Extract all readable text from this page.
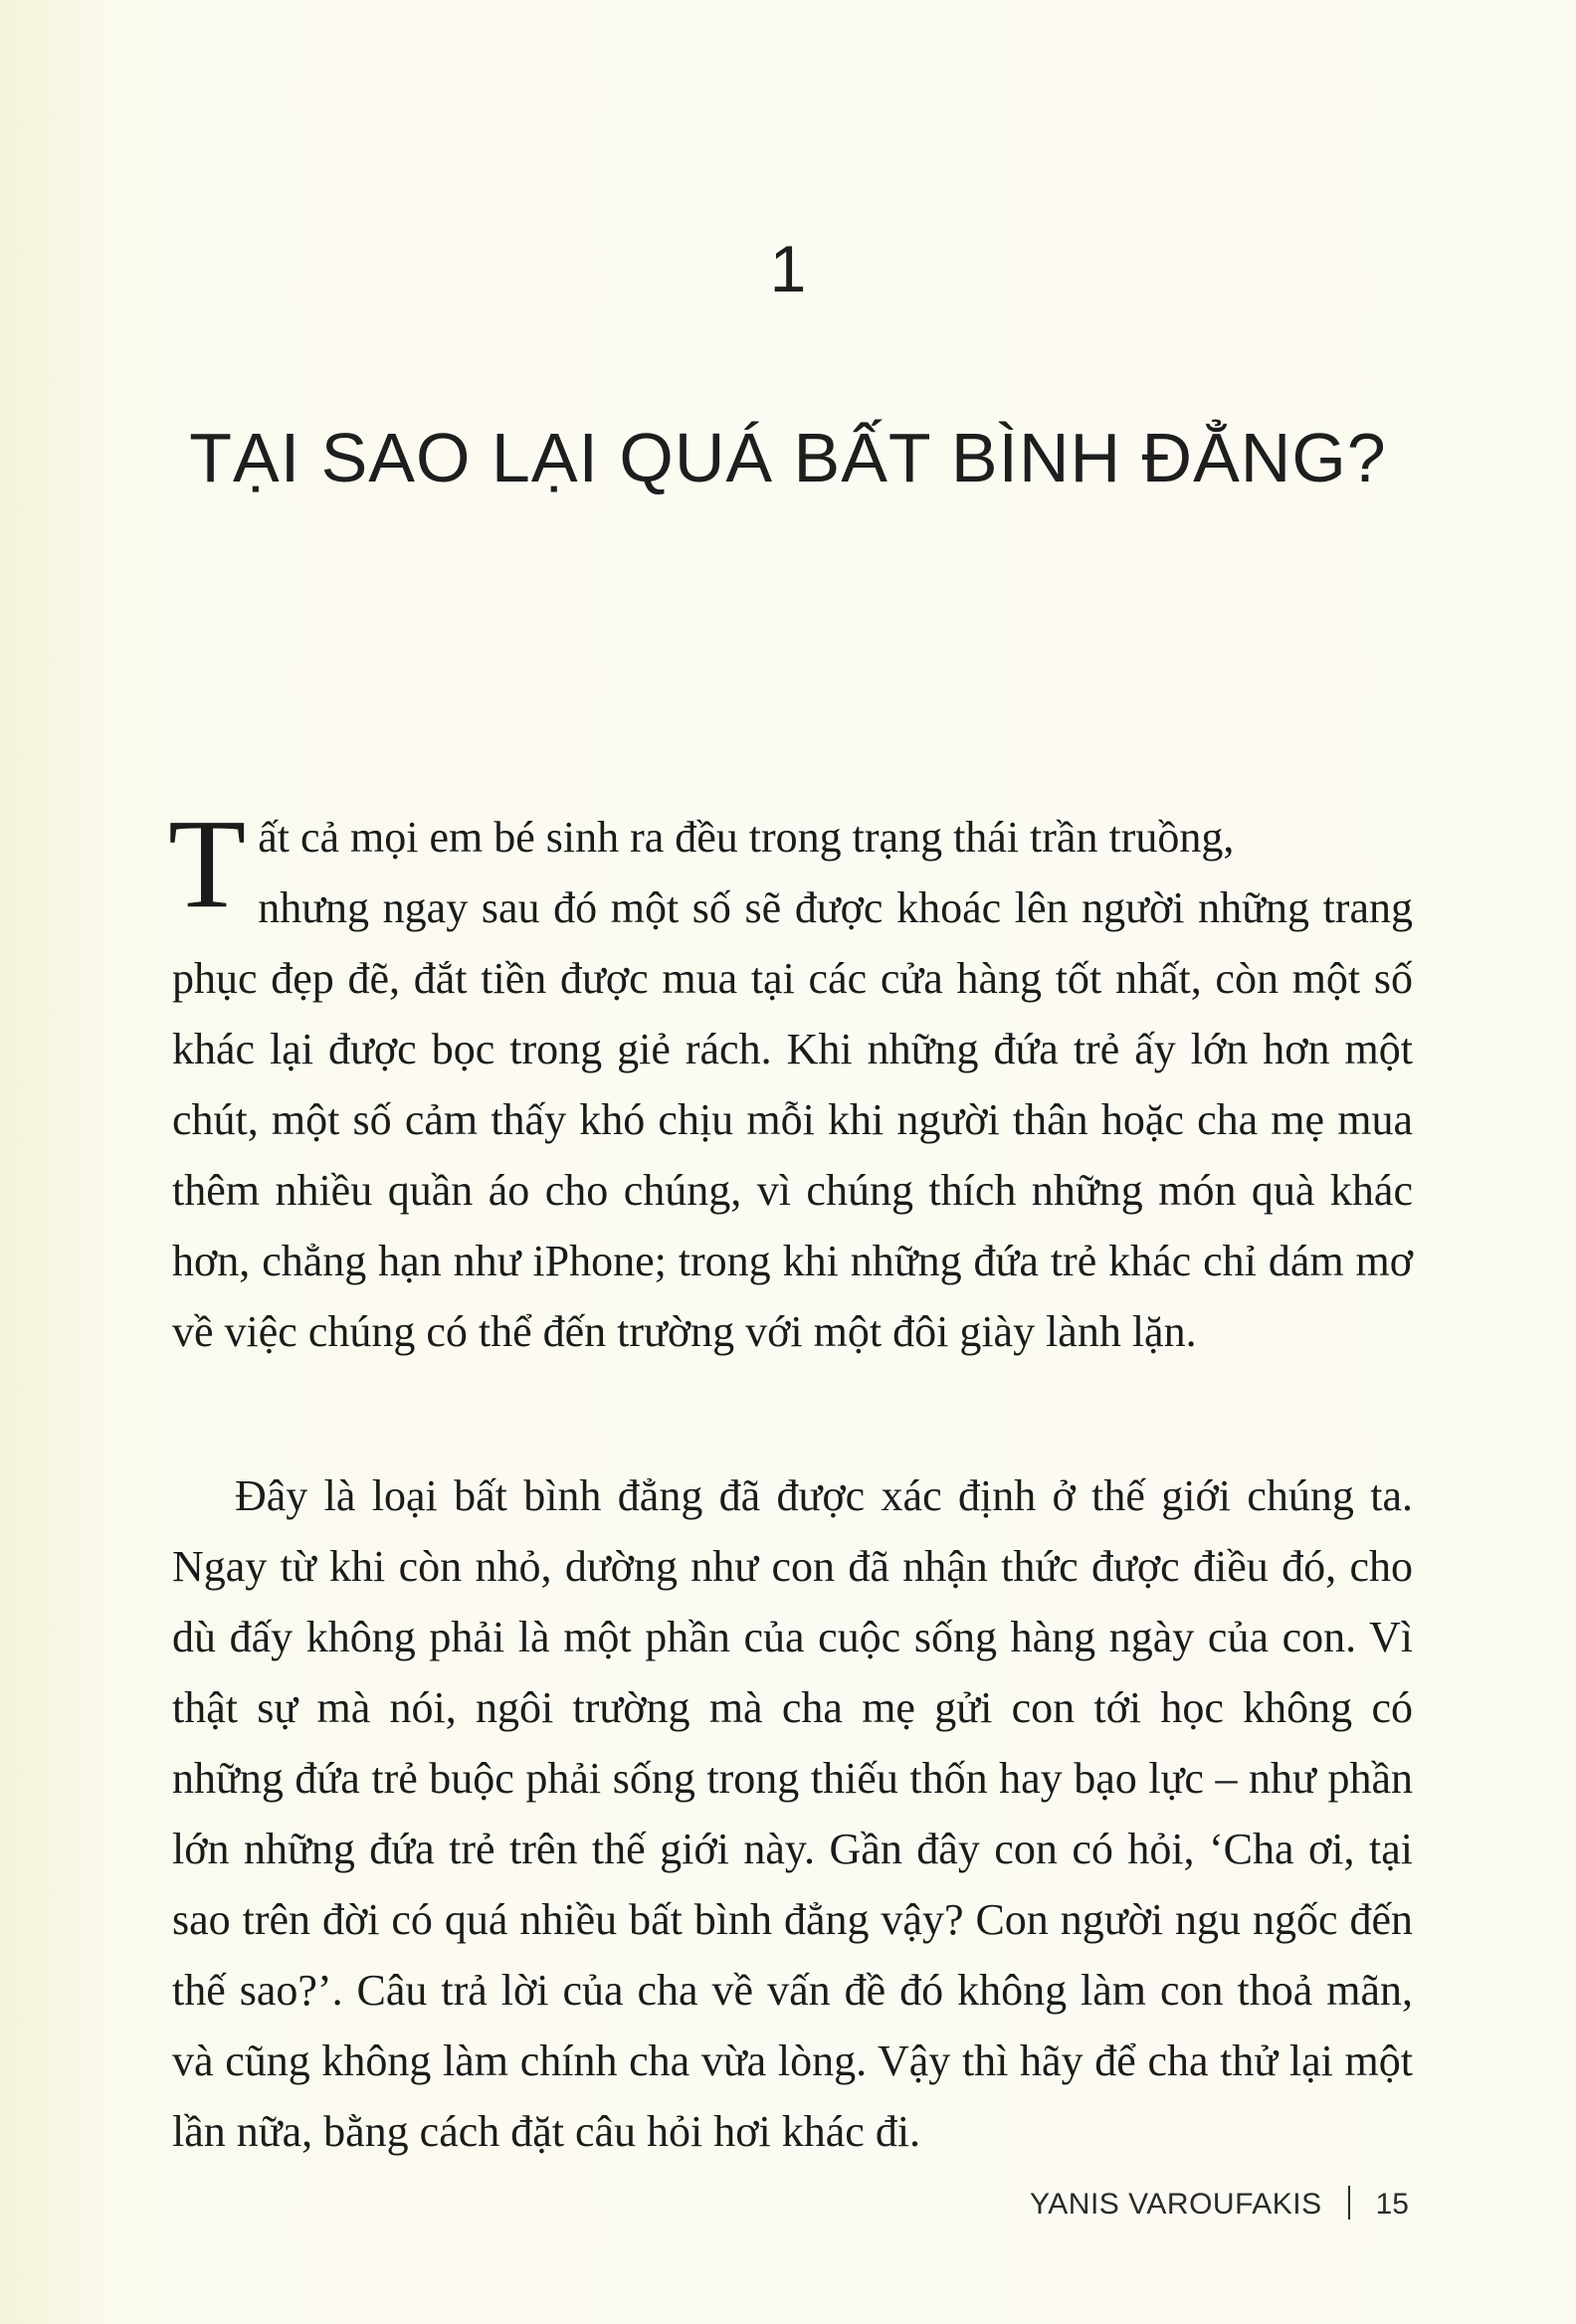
1
TẠI SAO LẠI QUÁ BẤT BÌNH ĐẲNG?

Tất cả mọi em bé sinh ra đều trong trạng thái trần truồng,
nhưng ngay sau đó một số sẽ được khoác lên người những trang phục đẹp đẽ, đắt tiền được mua tại các cửa hàng tốt nhất, còn một số khác lại được bọc trong giẻ rách. Khi những đứa trẻ ấy lớn hơn một chút, một số cảm thấy khó chịu mỗi khi người thân hoặc cha mẹ mua thêm nhiều quần áo cho chúng, vì chúng thích những món quà khác hơn, chẳng hạn như iPhone; trong khi những đứa trẻ khác chỉ dám mơ về việc chúng có thể đến trường với một đôi giày lành lặn.

Đây là loại bất bình đẳng đã được xác định ở thế giới chúng ta. Ngay từ khi còn nhỏ, dường như con đã nhận thức được điều đó, cho dù đấy không phải là một phần của cuộc sống hàng ngày của con. Vì thật sự mà nói, ngôi trường mà cha mẹ gửi con tới học không có những đứa trẻ buộc phải sống trong thiếu thốn hay bạo lực – như phần lớn những đứa trẻ trên thế giới này. Gần đây con có hỏi, ‘Cha ơi, tại sao trên đời có quá nhiều bất bình đẳng vậy? Con người ngu ngốc đến thế sao?’. Câu trả lời của cha về vấn đề đó không làm con thoả mãn, và cũng không làm chính cha vừa lòng. Vậy thì hãy để cha thử lại một lần nữa, bằng cách đặt câu hỏi hơi khác đi.

YANIS VAROUFAKIS 15
